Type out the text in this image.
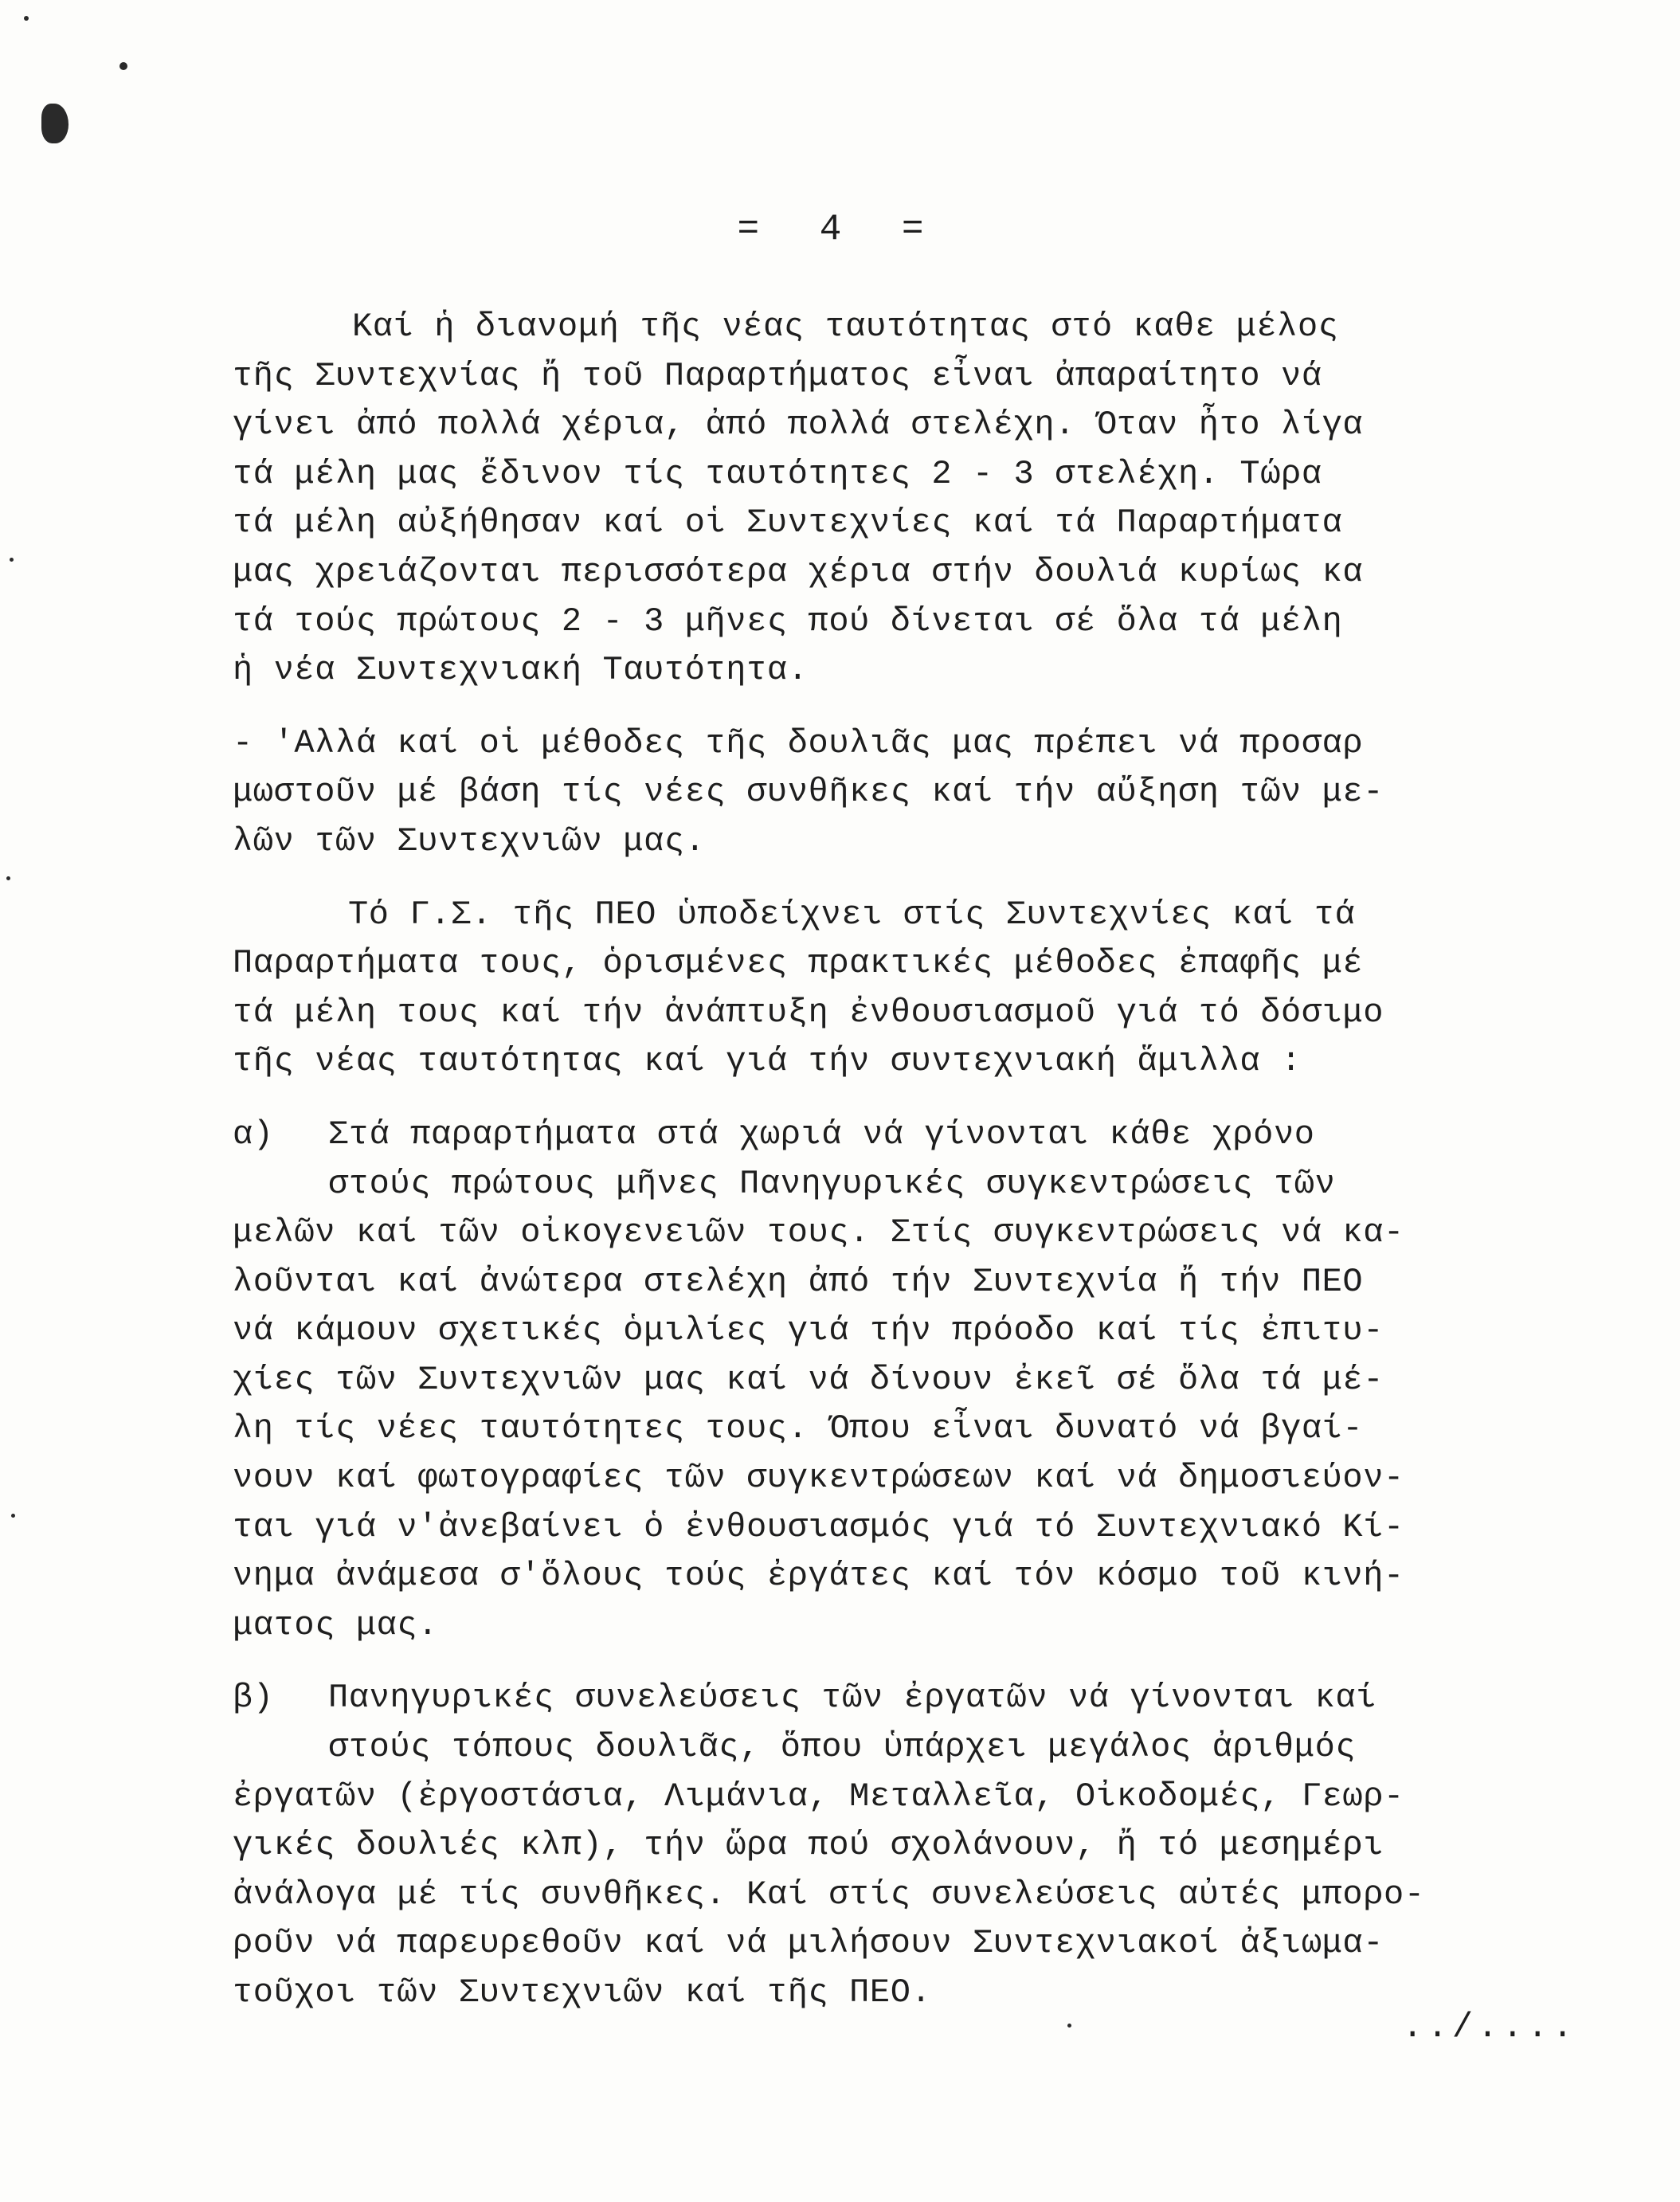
= 4 =
Καί ἡ διανομή τῆς νέας ταυτότητας στό καθε μέλος
τῆς Συντεχνίας ἤ τοῦ Παραρτήματος εἶναι ἀπαραίτητο νά
γίνει ἀπό πολλά χέρια, ἀπό πολλά στελέχη. Όταν ἦτο λίγα
τά μέλη μας ἔδινον τίς ταυτότητες 2 - 3 στελέχη. Τώρα
τά μέλη αὐξήθησαν καί οἱ Συντεχνίες καί τά Παραρτήματα
μας χρειάζονται περισσότερα χέρια στήν δουλιά κυρίως κα
τά τούς πρώτους 2 - 3 μῆνες πού δίνεται σέ ὅλα τά μέλη
ἡ νέα Συντεχνιακή Ταυτότητα.
- 'Αλλά καί οἱ μέθοδες τῆς δουλιᾶς μας πρέπει νά προσαρ
μωστοῦν μέ βάση τίς νέες συνθῆκες καί τήν αὔξηση τῶν με-
λῶν τῶν Συντεχνιῶν μας.
Τό Γ.Σ. τῆς ΠΕΟ ὑποδείχνει στίς Συντεχνίες καί τά
Παραρτήματα τους, ὁρισμένες πρακτικές μέθοδες ἐπαφῆς μέ
τά μέλη τους καί τήν ἀνάπτυξη ἐνθουσιασμοῦ γιά τό δόσιμο
τῆς νέας ταυτότητας καί γιά τήν συντεχνιακή ἅμιλλα :
α) Στά παραρτήματα στά χωριά νά γίνονται κάθε χρόνο
στούς πρώτους μῆνες Πανηγυρικές συγκεντρώσεις τῶν
μελῶν καί τῶν οἰκογενειῶν τους. Στίς συγκεντρώσεις νά κα-
λοῦνται καί ἀνώτερα στελέχη ἀπό τήν Συντεχνία ἤ τήν ΠΕΟ
νά κάμουν σχετικές ὁμιλίες γιά τήν πρόοδο καί τίς ἐπιτυ-
χίες τῶν Συντεχνιῶν μας καί νά δίνουν ἐκεῖ σέ ὅλα τά μέ-
λη τίς νέες ταυτότητες τους. Όπου εἶναι δυνατό νά βγαί-
νουν καί φωτογραφίες τῶν συγκεντρώσεων καί νά δημοσιεύον-
ται γιά ν'ἀνεβαίνει ὁ ἐνθουσιασμός γιά τό Συντεχνιακό Κί-
νημα ἀνάμεσα σ'ὅλους τούς ἐργάτες καί τόν κόσμο τοῦ κινή-
ματος μας.
β) Πανηγυρικές συνελεύσεις τῶν ἐργατῶν νά γίνονται καί
στούς τόπους δουλιᾶς, ὅπου ὑπάρχει μεγάλος ἀριθμός
ἐργατῶν (ἐργοστάσια, Λιμάνια, Μεταλλεῖα, Οἰκοδομές, Γεωρ-
γικές δουλιές κλπ), τήν ὥρα πού σχολάνουν, ἤ τό μεσημέρι
ἀνάλογα μέ τίς συνθῆκες. Καί στίς συνελεύσεις αὐτές μπορο-
ροῦν νά παρευρεθοῦν καί νά μιλήσουν Συντεχνιακοί ἀξιωμα-
τοῦχοι τῶν Συντεχνιῶν καί τῆς ΠΕΟ.
../....
